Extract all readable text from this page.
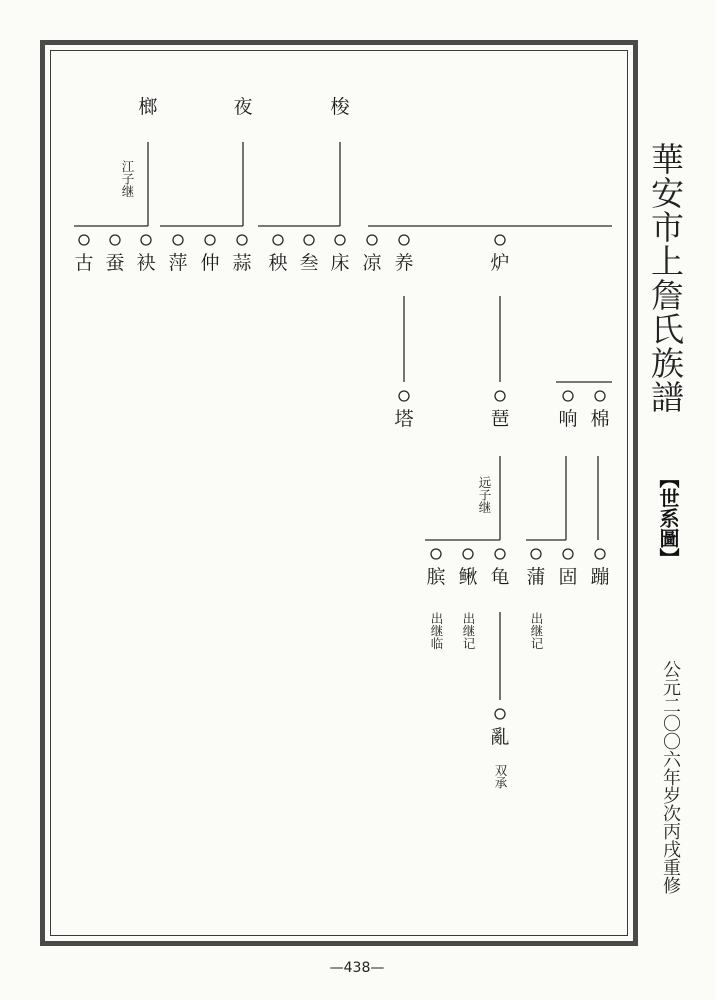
榔	夜	梭
江子继
古 蚕 袂 萍 仲 蒜 秧 叁 床 凉 养	炉
塔	琶	响 棉
远子继
膑 鳅 龟 蒲 固 蹦
出继临 出继记	出继记
亂
双承
華安市上詹氏族譜
【世系圖】
公元二〇〇六年岁次丙戌重修
—438—
